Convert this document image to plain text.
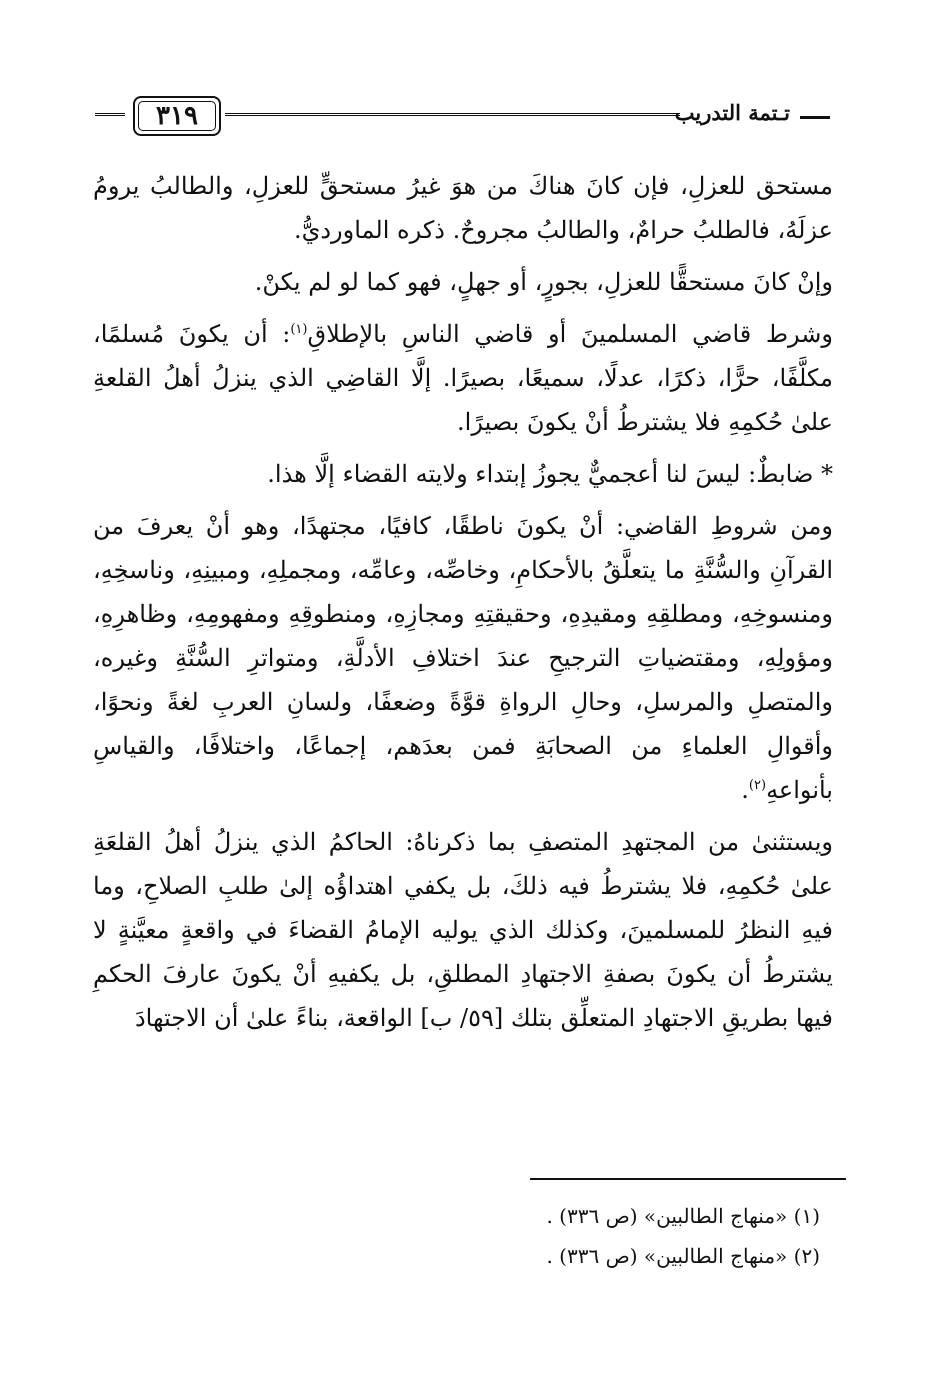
٣١٩	تـتمة التدريب

مستحق للعزلِ، فإن كانَ هناكَ من هوَ غيرُ مستحقٍّ للعزلِ، والطالبُ يرومُ عزلَهُ، فالطلبُ حرامٌ، والطالبُ مجروحٌ. ذكره الماورديُّ.

وإنْ كانَ مستحقًّا للعزلِ، بجورٍ، أو جهلٍ، فهو كما لو لم يكنْ.

وشرط قاضي المسلمينَ أو قاضي الناسِ بالإطلاقِ$^{(١)}$: أن يكونَ مُسلمًا، مكلَّفًا، حرًّا، ذكرًا، عدلًا، سميعًا، بصيرًا. إلَّا القاضِي الذي ينزلُ أهلُ القلعةِ علىٰ حُكمِهِ فلا يشترطُ أنْ يكونَ بصيرًا.

* ضابطٌ: ليسَ لنا أعجميٌّ يجوزُ إبتداء ولايته القضاء إلَّا هذا.

ومن شروطِ القاضي: أنْ يكونَ ناطقًا، كافيًا، مجتهدًا، وهو أنْ يعرفَ من القرآنِ والسُّنَّةِ ما يتعلَّقُ بالأحكامِ، وخاصِّه، وعامِّه، ومجملِهِ، ومبينِهِ، وناسخِهِ، ومنسوخِهِ، ومطلقِهِ ومقيدِهِ، وحقيقتِهِ ومجازِهِ، ومنطوقِهِ ومفهومِهِ، وظاهرِهِ، ومؤولِهِ، ومقتضياتِ الترجيحِ عندَ اختلافِ الأدلَّةِ، ومتواترِ السُّنَّةِ وغيره، والمتصلِ والمرسلِ، وحالِ الرواةِ قوَّةً وضعفًا، ولسانِ العربِ لغةً ونحوًا، وأقوالِ العلماءِ من الصحابَةِ فمن بعدَهم، إجماعًا، واختلافًا، والقياسِ بأنواعهِ$^{(٢)}$.

ويستثنىٰ من المجتهدِ المتصفِ بما ذكرناهُ: الحاكمُ الذي ينزلُ أهلُ القلعَةِ علىٰ حُكمِهِ، فلا يشترطُ فيه ذلكَ، بل يكفي اهتداؤُه إلىٰ طلبِ الصلاحِ، وما فيهِ النظرُ للمسلمينَ، وكذلك الذي يوليه الإمامُ القضاءَ في واقعةٍ معيَّنةٍ لا يشترطُ أن يكونَ بصفةِ الاجتهادِ المطلقِ، بل يكفيهِ أنْ يكونَ عارفَ الحكمِ فيها بطريقِ الاجتهادِ المتعلِّق بتلك [٥٩/ ب] الواقعة، بناءً علىٰ أن الاجتهادَ

(١) «منهاج الطالبين» (ص ٣٣٦) .
(٢) «منهاج الطالبين» (ص ٣٣٦) .
